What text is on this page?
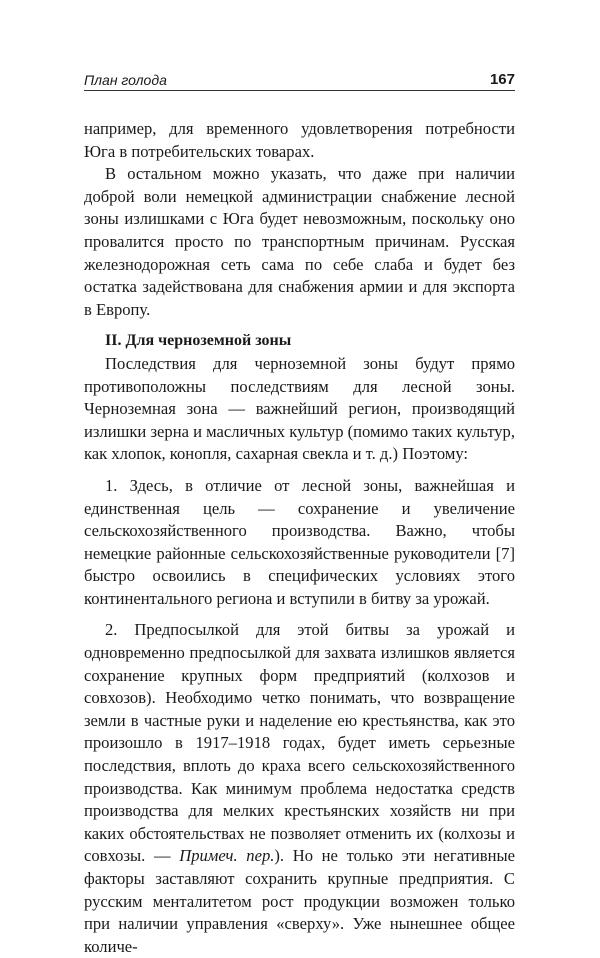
План голода	167

например, для временного удовлетворения потребности Юга в потребительских товарах.

В остальном можно указать, что даже при наличии доброй воли немецкой администрации снабжение лесной зоны излишками с Юга будет невозможным, поскольку оно провалится просто по транспортным причинам. Русская железнодорожная сеть сама по себе слаба и будет без остатка задействована для снабжения армии и для экспорта в Европу.

II. Для черноземной зоны

Последствия для черноземной зоны будут прямо противоположны последствиям для лесной зоны. Черноземная зона — важнейший регион, производящий излишки зерна и масличных культур (помимо таких культур, как хлопок, конопля, сахарная свекла и т. д.) Поэтому:

1. Здесь, в отличие от лесной зоны, важнейшая и единственная цель — сохранение и увеличение сельскохозяйственного производства. Важно, чтобы немецкие районные сельскохозяйственные руководители [7] быстро освоились в специфических условиях этого континентального региона и вступили в битву за урожай.

2. Предпосылкой для этой битвы за урожай и одновременно предпосылкой для захвата излишков является сохранение крупных форм предприятий (колхозов и совхозов). Необходимо четко понимать, что возвращение земли в частные руки и наделение ею крестьянства, как это произошло в 1917–1918 годах, будет иметь серьезные последствия, вплоть до краха всего сельскохозяйственного производства. Как минимум проблема недостатка средств производства для мелких крестьянских хозяйств ни при каких обстоятельствах не позволяет отменить их (колхозы и совхозы. — Примеч. пер.). Но не только эти негативные факторы заставляют сохранить крупные предприятия. С русским менталитетом рост продукции возможен только при наличии управления «сверху». Уже нынешнее общее количе-
